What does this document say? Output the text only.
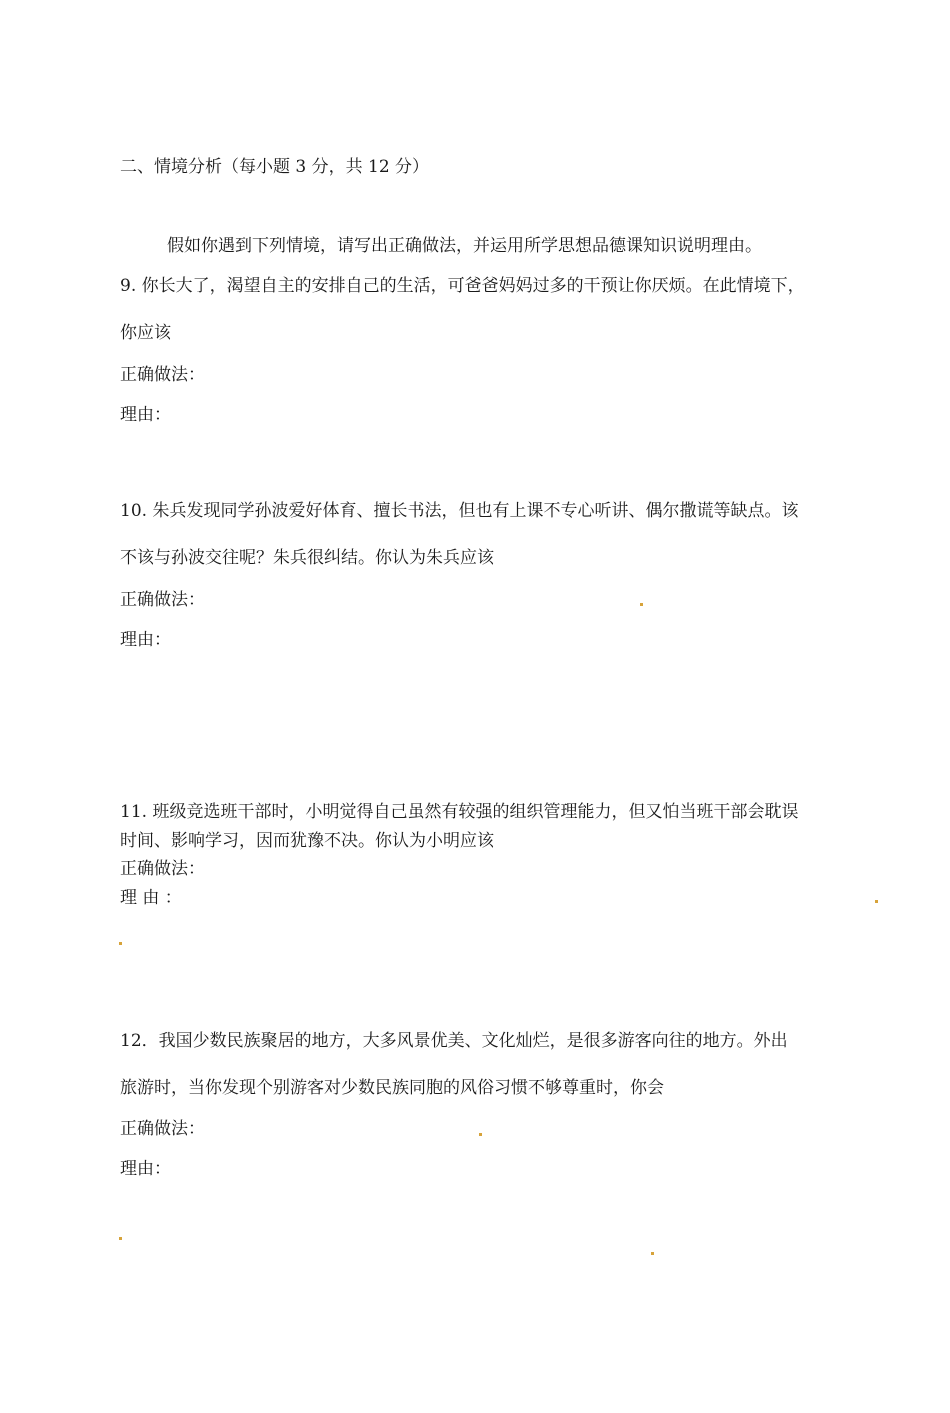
二、情境分析（每小题 3 分，共 12 分）
假如你遇到下列情境，请写出正确做法，并运用所学思想品德课知识说明理由。
9. 你长大了，渴望自主的安排自己的生活，可爸爸妈妈过多的干预让你厌烦。在此情境下，
你应该
正确做法：
理由：
10. 朱兵发现同学孙波爱好体育、擅长书法，但也有上课不专心听讲、偶尔撒谎等缺点。该
不该与孙波交往呢？朱兵很纠结。你认为朱兵应该
正确做法：
理由：
11. 班级竞选班干部时，小明觉得自己虽然有较强的组织管理能力，但又怕当班干部会耽误
时间、影响学习，因而犹豫不决。你认为小明应该
正确做法：
理 由 ：
12．我国少数民族聚居的地方，大多风景优美、文化灿烂，是很多游客向往的地方。外出
旅游时，当你发现个别游客对少数民族同胞的风俗习惯不够尊重时，你会
正确做法：
理由：
